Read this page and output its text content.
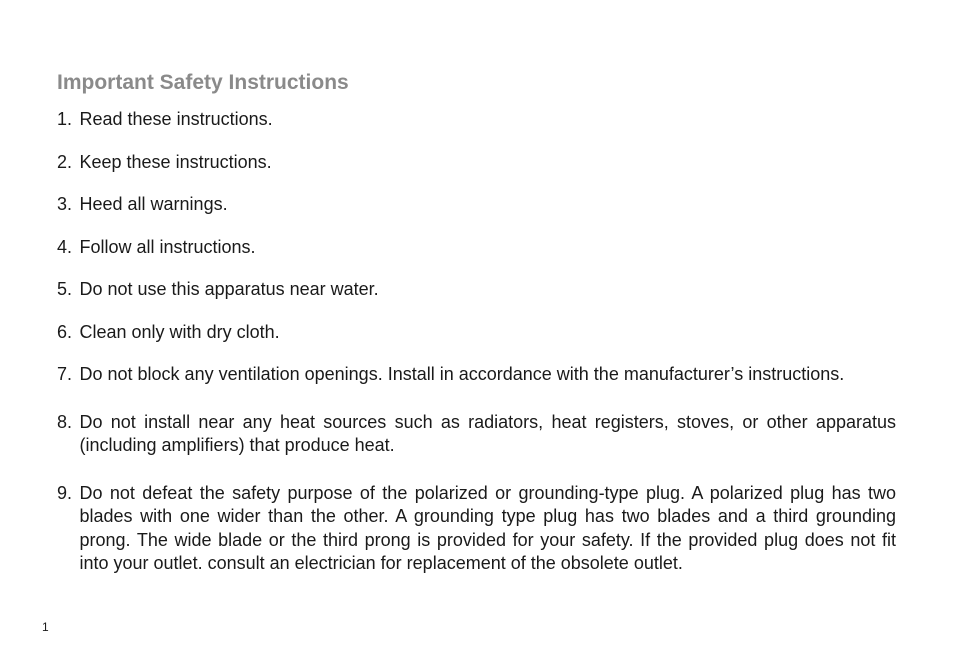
Important Safety Instructions
1. Read these instructions.
2. Keep these instructions.
3. Heed all warnings.
4. Follow all instructions.
5. Do not use this apparatus near water.
6. Clean only with dry cloth.
7. Do not block any ventilation openings. Install in accordance with the manufacturer’s instructions.
8. Do not install near any heat sources such as radiators, heat registers, stoves, or other apparatus (including amplifiers) that produce heat.
9. Do not defeat the safety purpose of the polarized or grounding-type plug. A polarized plug has two blades with one wider than the other. A grounding type plug has two blades and a third grounding prong. The wide blade or the third prong is provided for your safety. If the provided plug does not fit into your outlet. consult an electrician for replacement of the obsolete outlet.
1
